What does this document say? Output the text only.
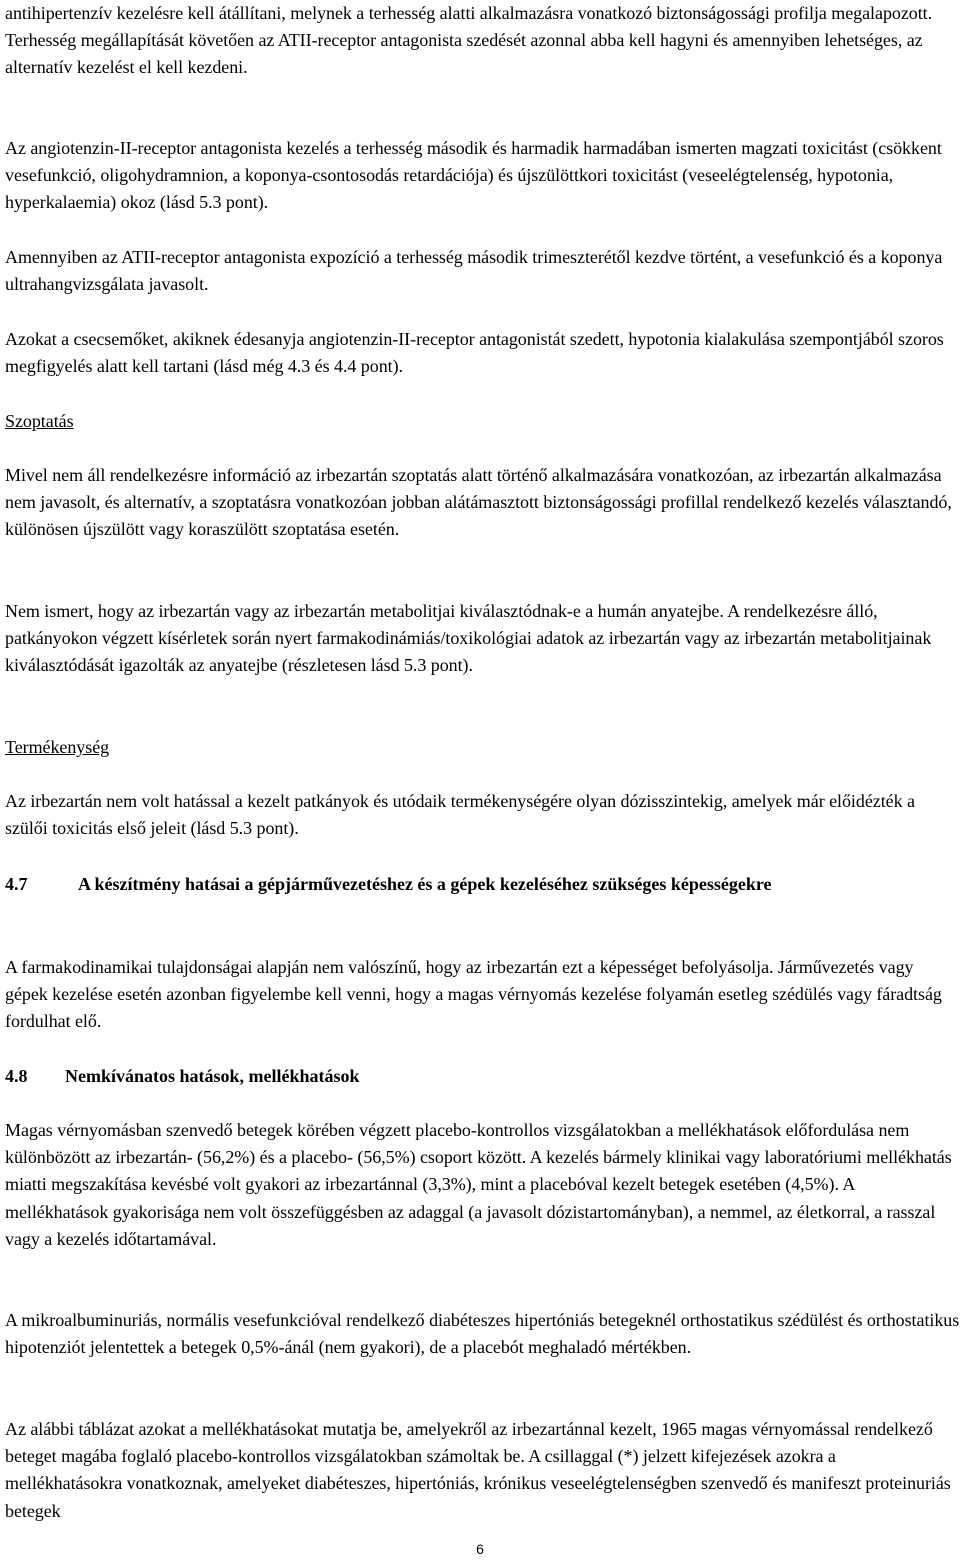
antihipertenzív kezelésre kell átállítani, melynek a terhesség alatti alkalmazásra vonatkozó biztonságossági profilja megalapozott. Terhesség megállapítását követően az ATII-receptor antagonista szedését azonnal abba kell hagyni és amennyiben lehetséges, az alternatív kezelést el kell kezdeni.

Az angiotenzin-II-receptor antagonista kezelés a terhesség második és harmadik harmadában ismerten magzati toxicitást (csökkent vesefunkció, oligohydramnion, a koponya-csontosodás retardációja) és újszülöttkori toxicitást (veseelégtelenség, hypotonia, hyperkalaemia) okoz (lásd 5.3 pont).

Amennyiben az ATII-receptor antagonista expozíció a terhesség második trimeszterétől kezdve történt, a vesefunkció és a koponya ultrahangvizsgálata javasolt.

Azokat a csecsemőket, akiknek édesanyja angiotenzin-II-receptor antagonistát szedett, hypotonia kialakulása szempontjából szoros megfigyelés alatt kell tartani (lásd még 4.3 és 4.4 pont).

Szoptatás

Mivel nem áll rendelkezésre információ az irbezartán szoptatás alatt történő alkalmazására vonatkozóan, az irbezartán alkalmazása nem javasolt, és alternatív, a szoptatásra vonatkozóan jobban alátámasztott biztonságossági profillal rendelkező kezelés választandó, különösen újszülött vagy koraszülött szoptatása esetén.

Nem ismert, hogy az irbezartán vagy az irbezartán metabolitjai kiválasztódnak-e a humán anyatejbe. A rendelkezésre álló, patkányokon végzett kísérletek során nyert farmakodinámiás/toxikológiai adatok az irbezartán vagy az irbezartán metabolitjainak kiválasztódását igazolták az anyatejbe (részletesen lásd 5.3 pont).

Termékenység

Az irbezartán nem volt hatással a kezelt patkányok és utódaik termékenységére olyan dózisszintekig, amelyek már előidézték a szülői toxicitás első jeleit (lásd 5.3 pont).

4.7	A készítmény hatásai a gépjárművezetéshez és a gépek kezeléséhez szükséges képességekre

A farmakodinamikai tulajdonságai alapján nem valószínű, hogy az irbezartán ezt a képességet befolyásolja. Járművezetés vagy gépek kezelése esetén azonban figyelembe kell venni, hogy a magas vérnyomás kezelése folyamán esetleg szédülés vagy fáradtság fordulhat elő.

4.8	Nemkívánatos hatások, mellékhatások

Magas vérnyomásban szenvedő betegek körében végzett placebo-kontrollos vizsgálatokban a mellékhatások előfordulása nem különbözött az irbezartán- (56,2%) és a placebo- (56,5%) csoport között. A kezelés bármely klinikai vagy laboratóriumi mellékhatás miatti megszakítása kevésbé volt gyakori az irbezartánnal (3,3%), mint a placebóval kezelt betegek esetében (4,5%). A mellékhatások gyakorisága nem volt összefüggésben az adaggal (a javasolt dózistartományban), a nemmel, az életkorral, a rasszal vagy a kezelés időtartamával.

A mikroalbuminuriás, normális vesefunkcióval rendelkező diabéteszes hipertóniás betegeknél orthostatikus szédülést és orthostatikus hipotenziót jelentettek a betegek 0,5%-ánál (nem gyakori), de a placebót meghaladó mértékben.

Az alábbi táblázat azokat a mellékhatásokat mutatja be, amelyekről az irbezartánnal kezelt, 1965 magas vérnyomással rendelkező beteget magába foglaló placebo-kontrollos vizsgálatokban számoltak be. A csillaggal (*) jelzett kifejezések azokra a mellékhatásokra vonatkoznak, amelyeket diabéteszes, hipertóniás, krónikus veseelégtelenségben szenvedő és manifeszt proteinuriás betegek

6
